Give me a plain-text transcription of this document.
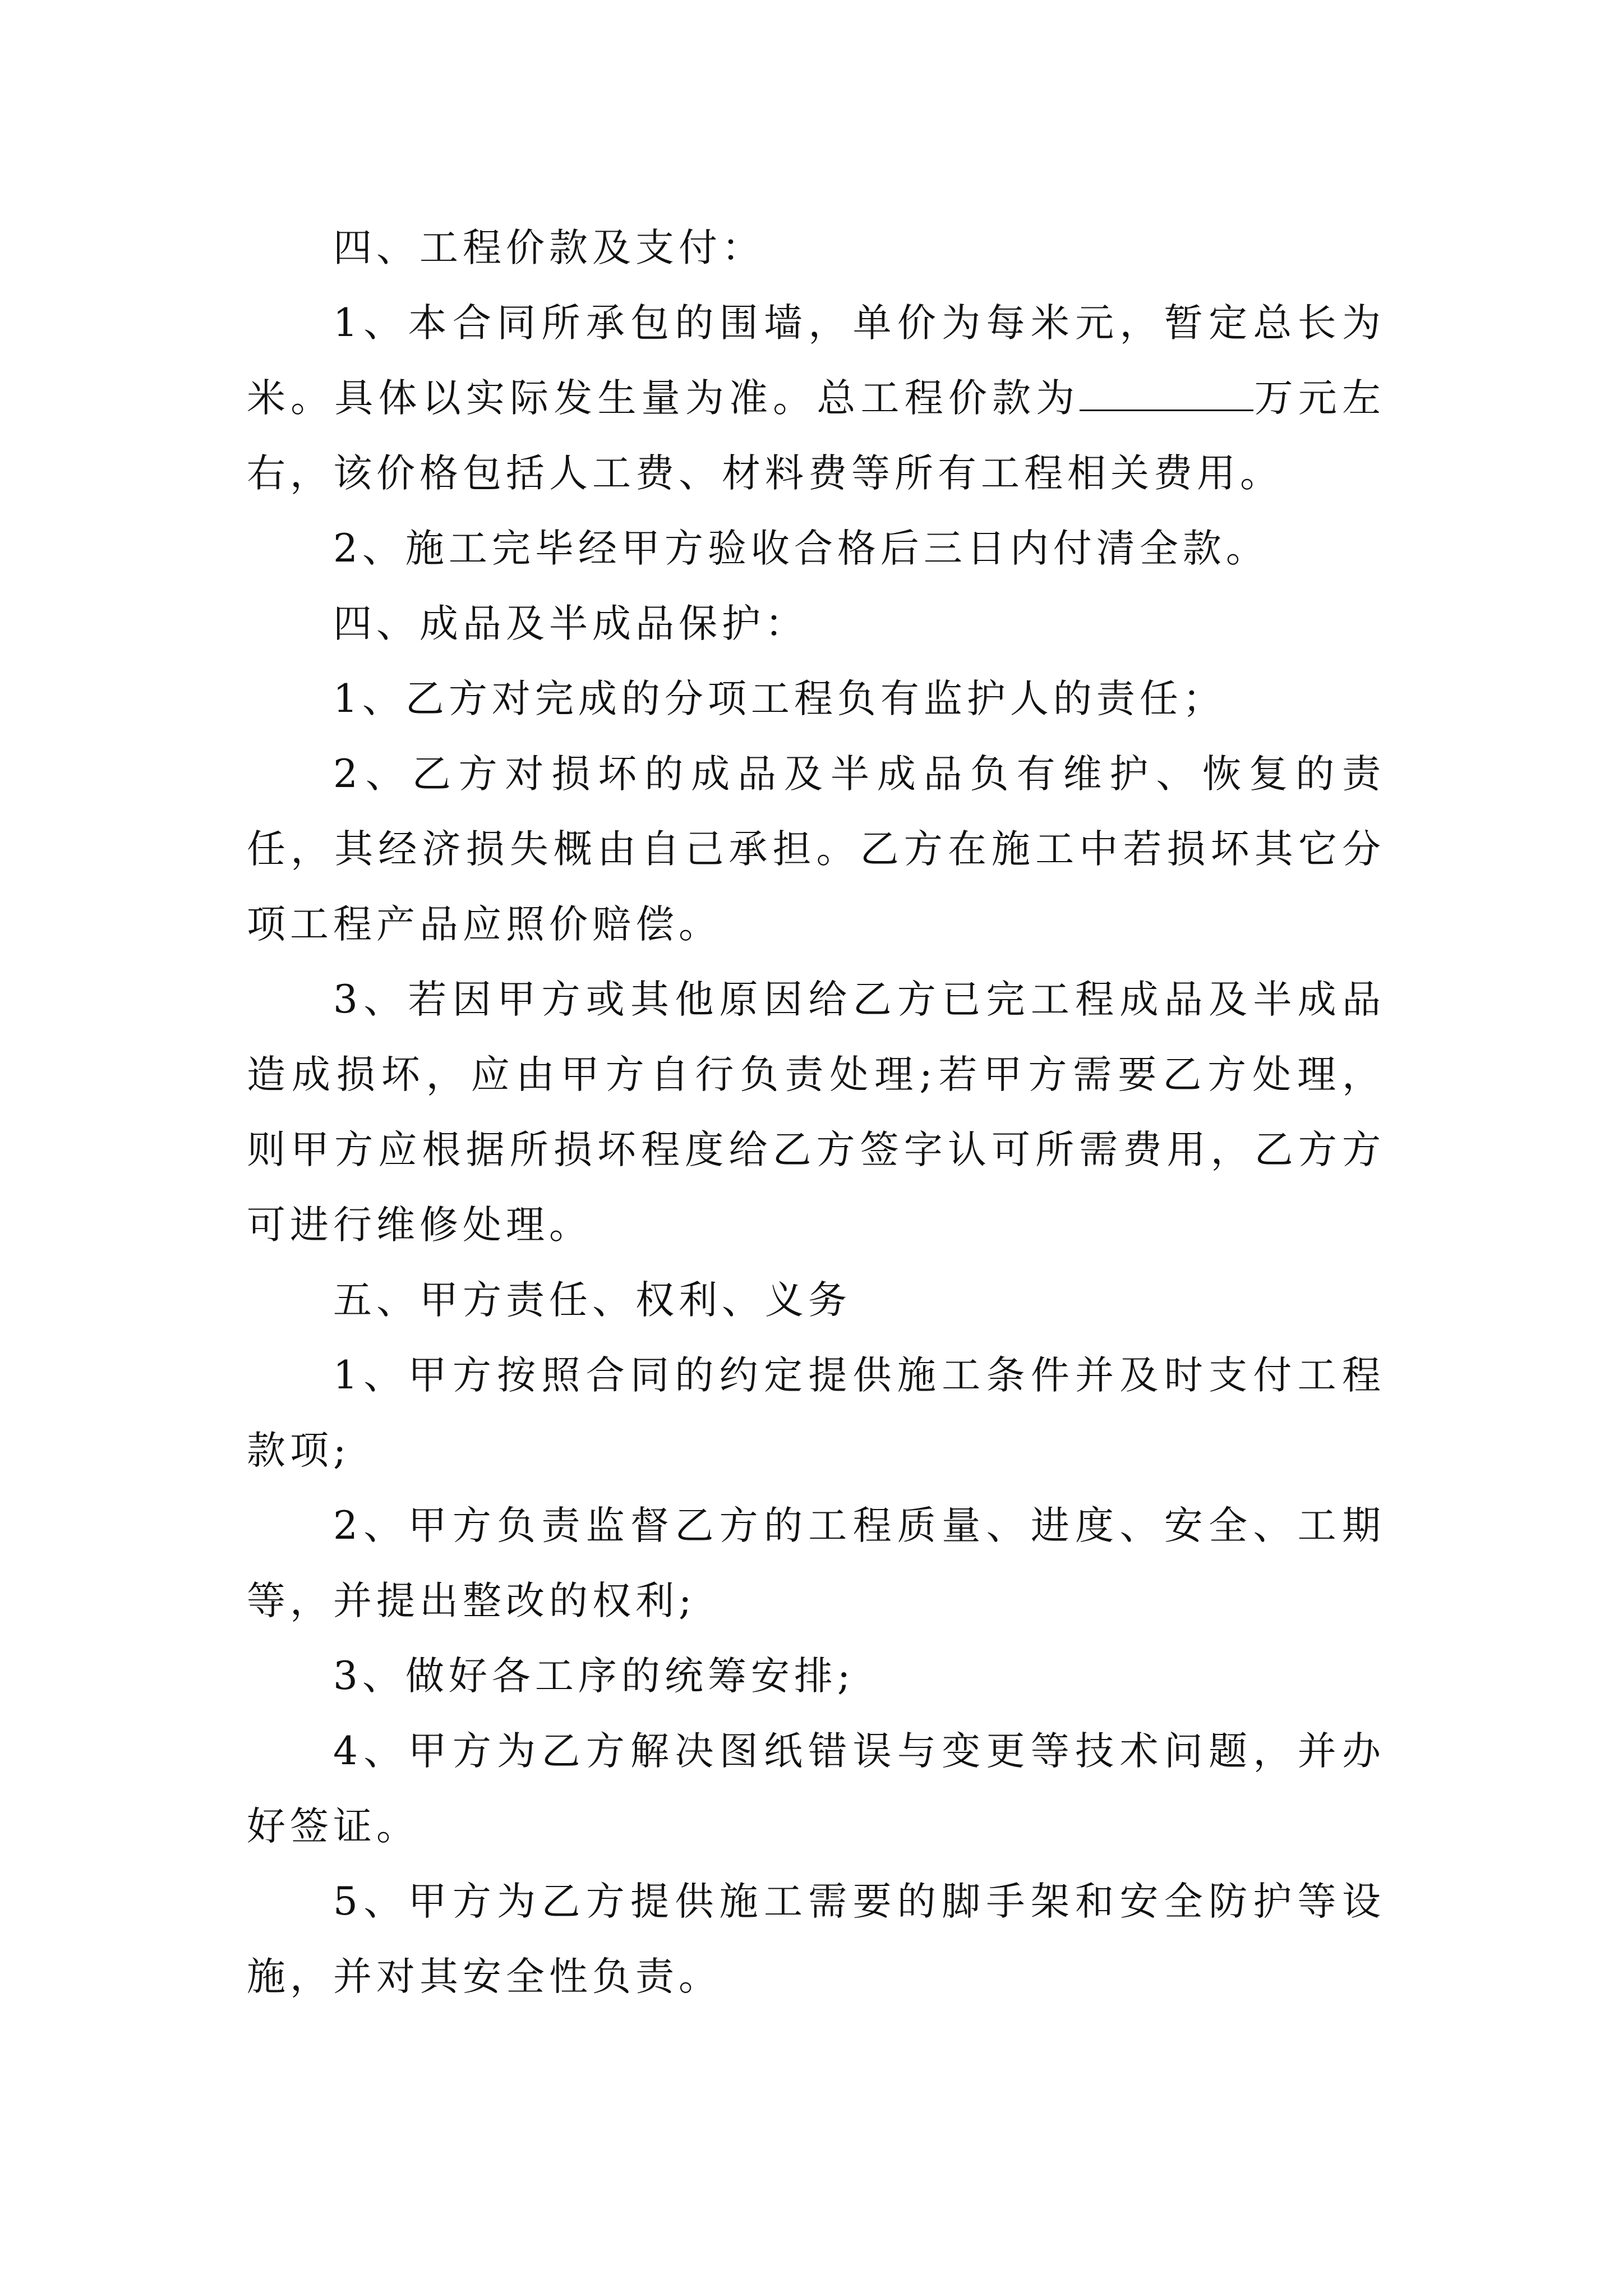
四、工程价款及支付：

1、本合同所承包的围墙，单价为每米元，暂定总长为米。具体以实际发生量为准。总工程价款为	万元左右，该价格包括人工费、材料费等所有工程相关费用。

2、施工完毕经甲方验收合格后三日内付清全款。

四、成品及半成品保护：

1、乙方对完成的分项工程负有监护人的责任；

2、乙方对损坏的成品及半成品负有维护、恢复的责任，其经济损失概由自己承担。乙方在施工中若损坏其它分项工程产品应照价赔偿。

3、若因甲方或其他原因给乙方已完工程成品及半成品造成损坏，应由甲方自行负责处理;若甲方需要乙方处理，则甲方应根据所损坏程度给乙方签字认可所需费用，乙方方可进行维修处理。

五、甲方责任、权利、义务

1、甲方按照合同的约定提供施工条件并及时支付工程款项;

2、甲方负责监督乙方的工程质量、进度、安全、工期等，并提出整改的权利;

3、做好各工序的统筹安排;

4、甲方为乙方解决图纸错误与变更等技术问题，并办好签证。

5、甲方为乙方提供施工需要的脚手架和安全防护等设施，并对其安全性负责。
